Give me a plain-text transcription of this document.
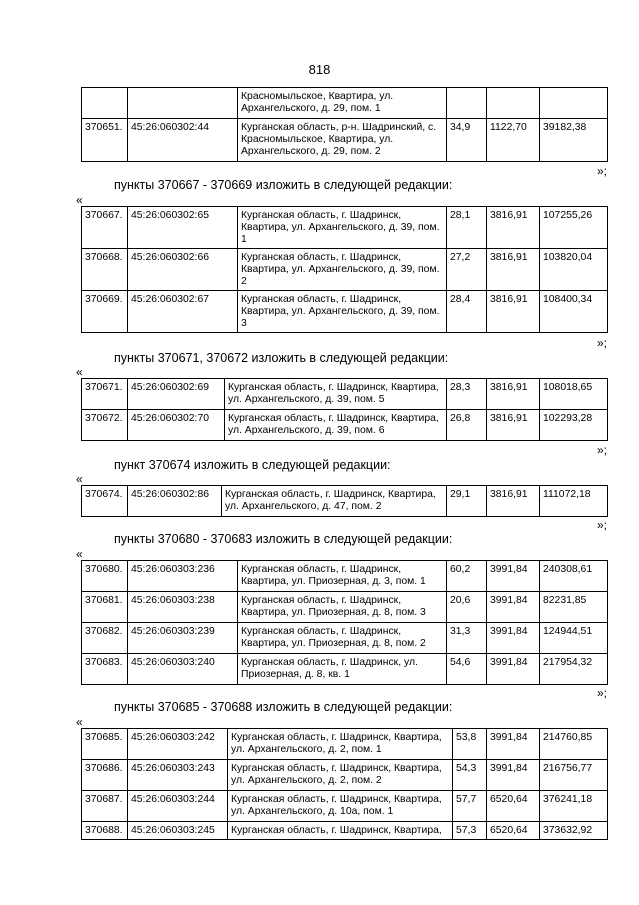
818
		Красномыльское, Квартира, ул. Архангельского, д. 29, пом. 1			
370651.	45:26:060302:44	Курганская область, р-н. Шадринский, с. Красномыльское, Квартира, ул. Архангельского, д. 29, пом. 2	34,9	1122,70	39182,38
»;
пункты 370667 - 370669 изложить в следующей редакции:
«
370667.	45:26:060302:65	Курганская область, г. Шадринск, Квартира, ул. Архангельского, д. 39, пом. 1	28,1	3816,91	107255,26
370668.	45:26:060302:66	Курганская область, г. Шадринск, Квартира, ул. Архангельского, д. 39, пом. 2	27,2	3816,91	103820,04
370669.	45:26:060302:67	Курганская область, г. Шадринск, Квартира, ул. Архангельского, д. 39, пом. 3	28,4	3816,91	108400,34
»;
пункты 370671, 370672 изложить в следующей редакции:
«
370671.	45:26:060302:69	Курганская область, г. Шадринск, Квартира, ул. Архангельского, д. 39, пом. 5	28,3	3816,91	108018,65
370672.	45:26:060302:70	Курганская область, г. Шадринск, Квартира, ул. Архангельского, д. 39, пом. 6	26,8	3816,91	102293,28
»;
пункт 370674 изложить в следующей редакции:
«
370674.	45:26:060302:86	Курганская область, г. Шадринск, Квартира, ул. Архангельского, д. 47, пом. 2	29,1	3816,91	111072,18
»;
пункты 370680 - 370683 изложить в следующей редакции:
«
370680.	45:26:060303:236	Курганская область, г. Шадринск, Квартира, ул. Приозерная, д. 3, пом. 1	60,2	3991,84	240308,61
370681.	45:26:060303:238	Курганская область, г. Шадринск, Квартира, ул. Приозерная, д. 8, пом. 3	20,6	3991,84	82231,85
370682.	45:26:060303:239	Курганская область, г. Шадринск, Квартира, ул. Приозерная, д. 8, пом. 2	31,3	3991,84	124944,51
370683.	45:26:060303:240	Курганская область, г. Шадринск, ул. Приозерная, д. 8, кв. 1	54,6	3991,84	217954,32
»;
пункты 370685 - 370688 изложить в следующей редакции:
«
370685.	45:26:060303:242	Курганская область, г. Шадринск, Квартира, ул. Архангельского, д. 2, пом. 1	53,8	3991,84	214760,85
370686.	45:26:060303:243	Курганская область, г. Шадринск, Квартира, ул. Архангельского, д. 2, пом. 2	54,3	3991,84	216756,77
370687.	45:26:060303:244	Курганская область, г. Шадринск, Квартира, ул. Архангельского, д. 10а, пом. 1	57,7	6520,64	376241,18
370688.	45:26:060303:245	Курганская область, г. Шадринск, Квартира,	57,3	6520,64	373632,92
